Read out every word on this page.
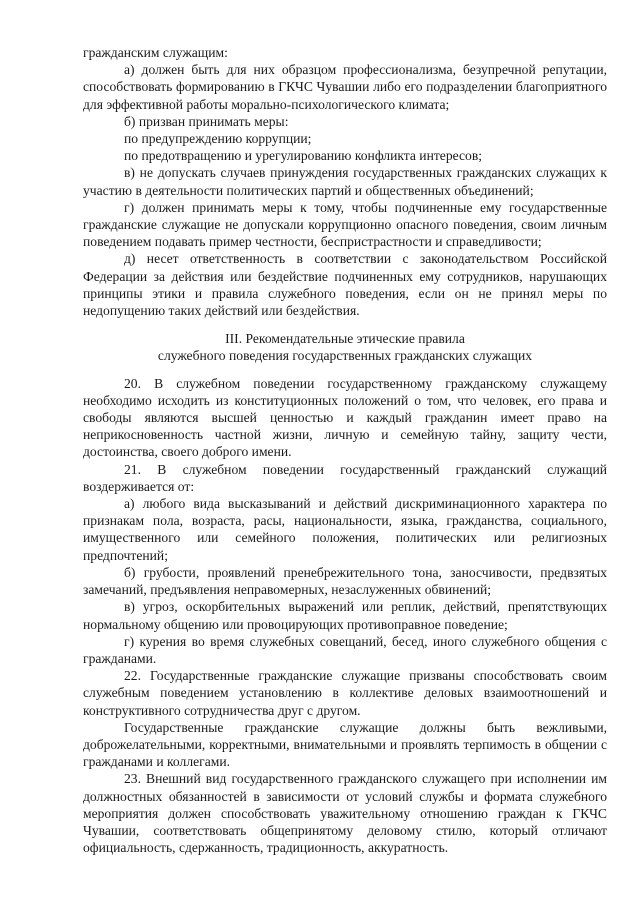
гражданским служащим:

а) должен быть для них образцом профессионализма, безупречной репутации, способствовать формированию в ГКЧС Чувашии либо его подразделении благоприятного для эффективной работы морально-психологического климата;

б) призван принимать меры:

по предупреждению коррупции;

по предотвращению и урегулированию конфликта интересов;

в) не допускать случаев принуждения государственных гражданских служащих к участию в деятельности политических партий и общественных объединений;

г) должен принимать меры к тому, чтобы подчиненные ему государственные гражданские служащие не допускали коррупционно опасного поведения, своим личным поведением подавать пример честности, беспристрастности и справедливости;

д) несет ответственность в соответствии с законодательством Российской Федерации за действия или бездействие подчиненных ему сотрудников, нарушающих принципы этики и правила служебного поведения, если он не принял меры по недопущению таких действий или бездействия.

III. Рекомендательные этические правила
служебного поведения государственных гражданских служащих

20. В служебном поведении государственному гражданскому служащему необходимо исходить из конституционных положений о том, что человек, его права и свободы являются высшей ценностью и каждый гражданин имеет право на неприкосновенность частной жизни, личную и семейную тайну, защиту чести, достоинства, своего доброго имени.

21. В служебном поведении государственный гражданский служащий воздерживается от:

а) любого вида высказываний и действий дискриминационного характера по признакам пола, возраста, расы, национальности, языка, гражданства, социального, имущественного или семейного положения, политических или религиозных предпочтений;

б) грубости, проявлений пренебрежительного тона, заносчивости, предвзятых замечаний, предъявления неправомерных, незаслуженных обвинений;

в) угроз, оскорбительных выражений или реплик, действий, препятствующих нормальному общению или провоцирующих противоправное поведение;

г) курения во время служебных совещаний, бесед, иного служебного общения с гражданами.

22. Государственные гражданские служащие призваны способствовать своим служебным поведением установлению в коллективе деловых взаимоотношений и конструктивного сотрудничества друг с другом.

Государственные гражданские служащие должны быть вежливыми, доброжелательными, корректными, внимательными и проявлять терпимость в общении с гражданами и коллегами.

23. Внешний вид государственного гражданского служащего при исполнении им должностных обязанностей в зависимости от условий службы и формата служебного мероприятия должен способствовать уважительному отношению граждан к ГКЧС Чувашии, соответствовать общепринятому деловому стилю, который отличают официальность, сдержанность, традиционность, аккуратность.
